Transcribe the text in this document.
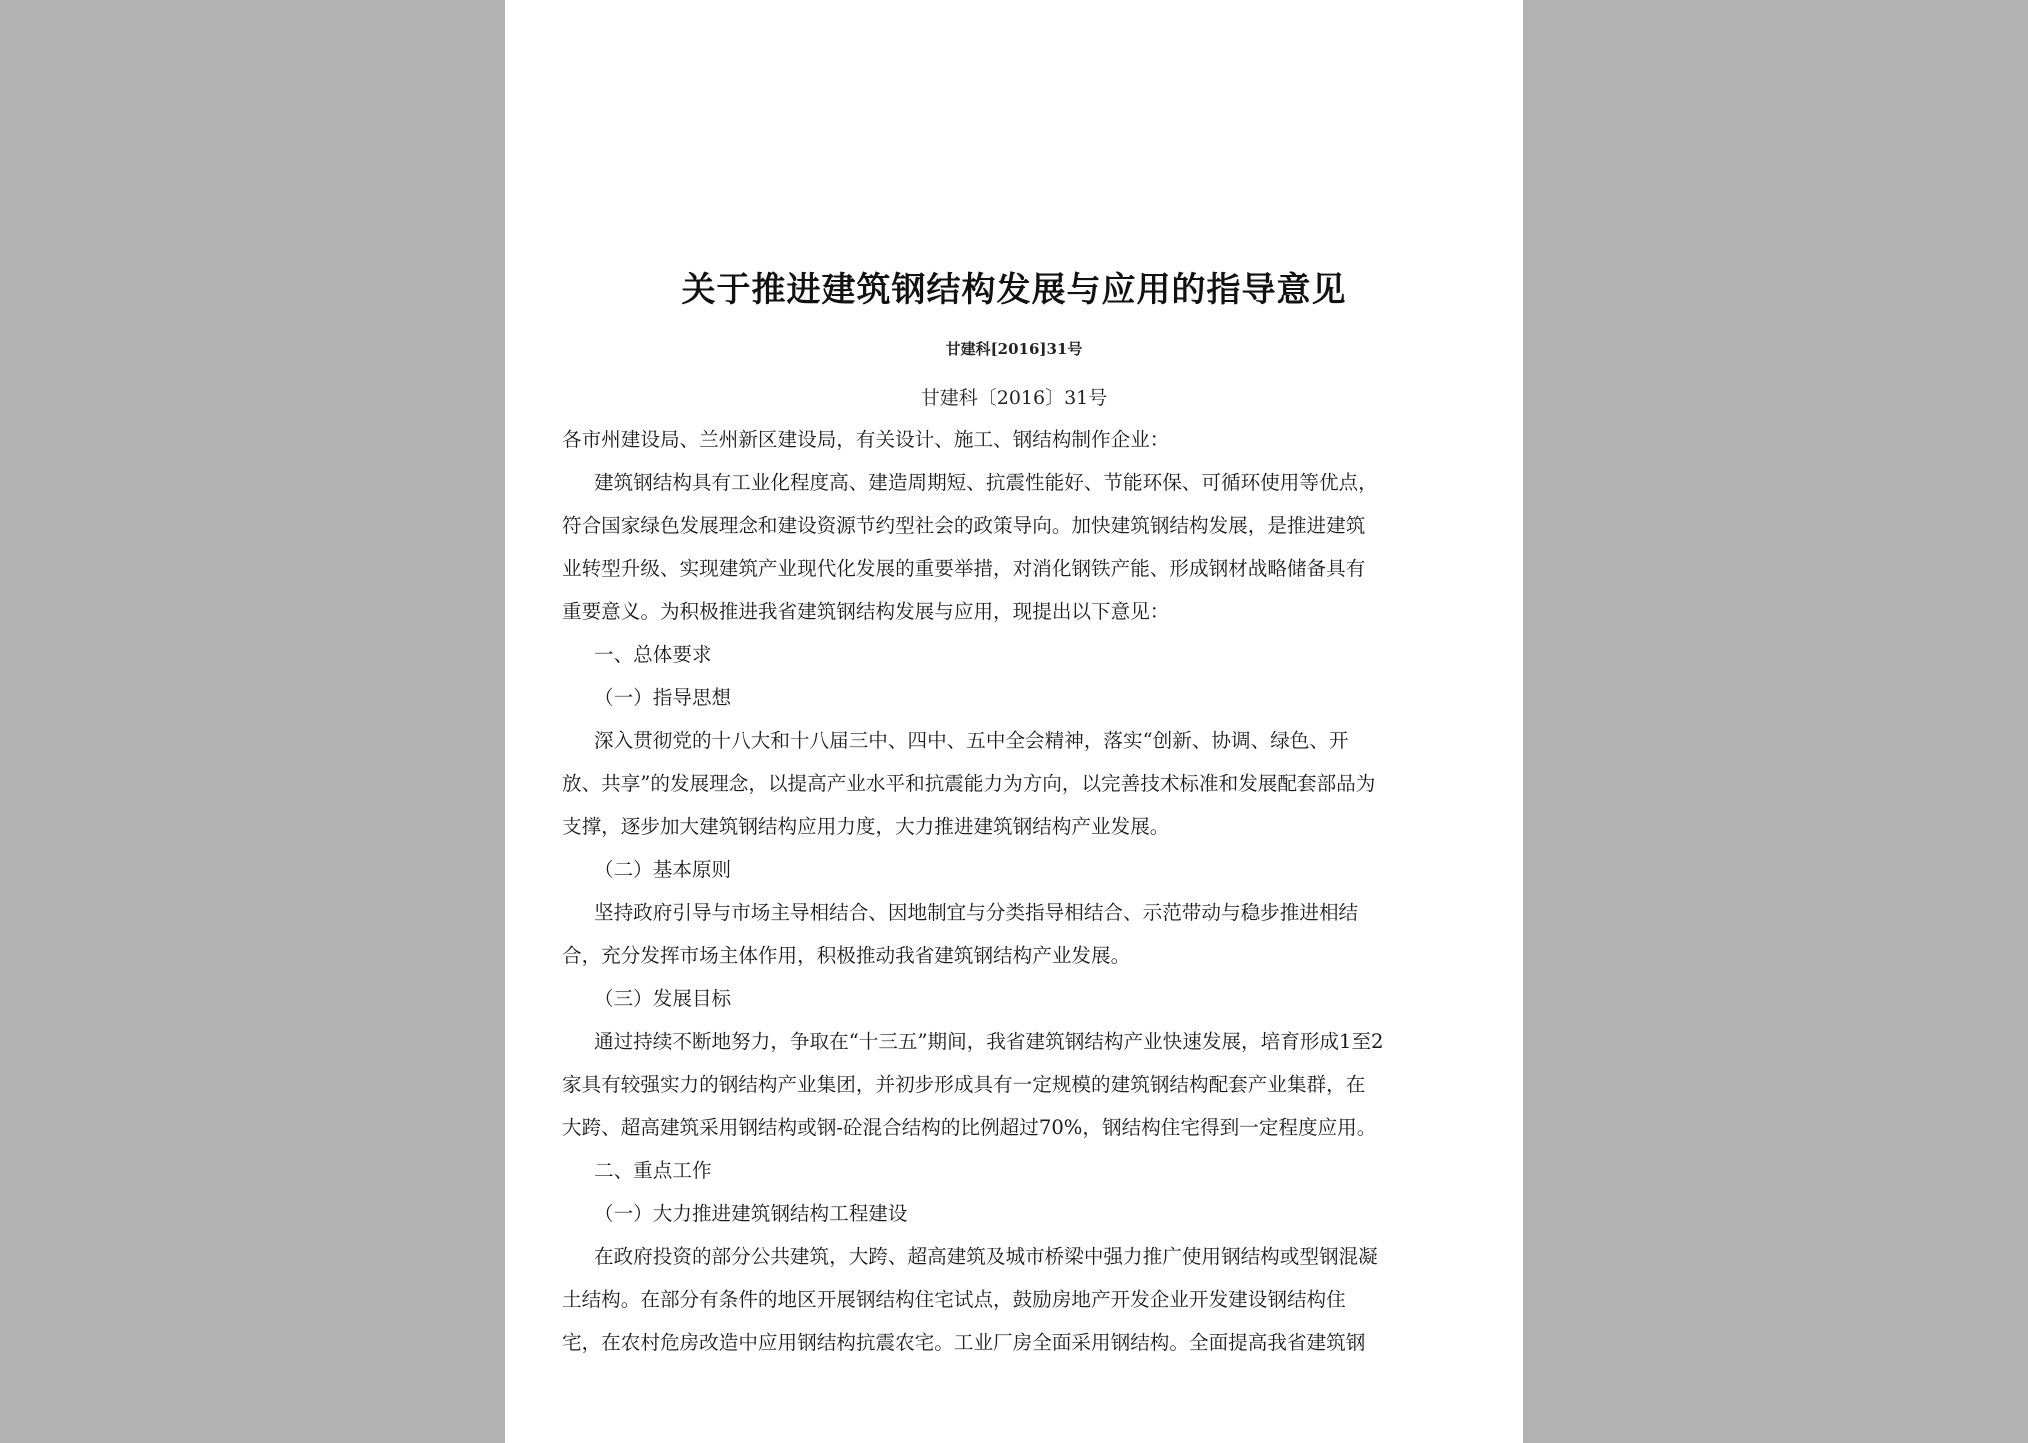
关于推进建筑钢结构发展与应用的指导意见
甘建科[2016]31号
甘建科〔2016〕31号
各市州建设局、兰州新区建设局，有关设计、施工、钢结构制作企业：
建筑钢结构具有工业化程度高、建造周期短、抗震性能好、节能环保、可循环使用等优点，
符合国家绿色发展理念和建设资源节约型社会的政策导向。加快建筑钢结构发展，是推进建筑
业转型升级、实现建筑产业现代化发展的重要举措，对消化钢铁产能、形成钢材战略储备具有
重要意义。为积极推进我省建筑钢结构发展与应用，现提出以下意见：
一、总体要求
（一）指导思想
深入贯彻党的十八大和十八届三中、四中、五中全会精神，落实“创新、协调、绿色、开
放、共享”的发展理念，以提高产业水平和抗震能力为方向，以完善技术标准和发展配套部品为
支撑，逐步加大建筑钢结构应用力度，大力推进建筑钢结构产业发展。
（二）基本原则
坚持政府引导与市场主导相结合、因地制宜与分类指导相结合、示范带动与稳步推进相结
合，充分发挥市场主体作用，积极推动我省建筑钢结构产业发展。
（三）发展目标
通过持续不断地努力，争取在“十三五”期间，我省建筑钢结构产业快速发展，培育形成1至2
家具有较强实力的钢结构产业集团，并初步形成具有一定规模的建筑钢结构配套产业集群，在
大跨、超高建筑采用钢结构或钢-砼混合结构的比例超过70%，钢结构住宅得到一定程度应用。
二、重点工作
（一）大力推进建筑钢结构工程建设
在政府投资的部分公共建筑，大跨、超高建筑及城市桥梁中强力推广使用钢结构或型钢混凝
土结构。在部分有条件的地区开展钢结构住宅试点，鼓励房地产开发企业开发建设钢结构住
宅，在农村危房改造中应用钢结构抗震农宅。工业厂房全面采用钢结构。全面提高我省建筑钢
